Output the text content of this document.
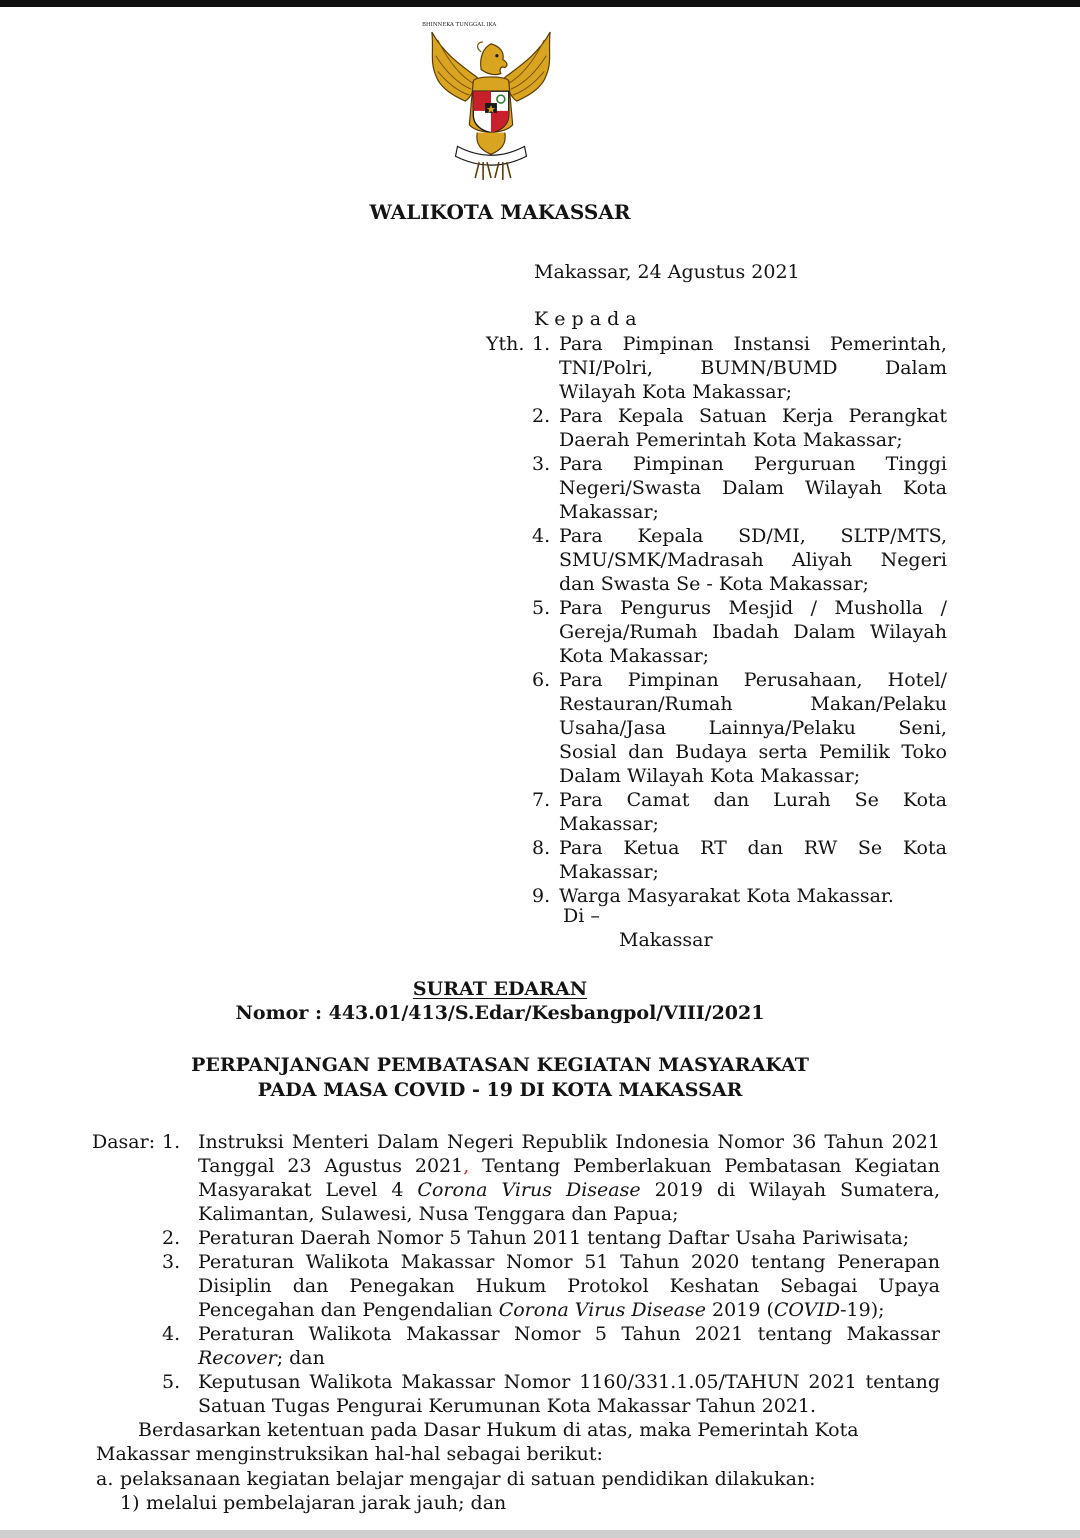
BHINNEKA TUNGGAL IKA
WALIKOTA MAKASSAR
Makassar, 24 Agustus 2021
K e p a d a
Yth. 1. Para Pimpinan Instansi Pemerintah,
TNI/Polri, BUMN/BUMD Dalam
Wilayah Kota Makassar;
2. Para Kepala Satuan Kerja Perangkat
Daerah Pemerintah Kota Makassar;
3. Para Pimpinan Perguruan Tinggi
Negeri/Swasta Dalam Wilayah Kota
Makassar;
4. Para Kepala SD/MI, SLTP/MTS,
SMU/SMK/Madrasah Aliyah Negeri
dan Swasta Se - Kota Makassar;
5. Para Pengurus Mesjid / Musholla /
Gereja/Rumah Ibadah Dalam Wilayah
Kota Makassar;
6. Para Pimpinan Perusahaan, Hotel/
Restauran/Rumah	Makan/Pelaku
Usaha/Jasa Lainnya/Pelaku Seni,
Sosial dan Budaya serta Pemilik Toko
Dalam Wilayah Kota Makassar;
7. Para Camat dan Lurah Se Kota
Makassar;
8. Para Ketua RT dan RW Se Kota
Makassar;
9. Warga Masyarakat Kota Makassar.
Di –
Makassar
SURAT EDARAN
Nomor : 443.01/413/S.Edar/Kesbangpol/VIII/2021
PERPANJANGAN PEMBATASAN KEGIATAN MASYARAKAT
PADA MASA COVID - 19 DI KOTA MAKASSAR
Dasar: 1. Instruksi Menteri Dalam Negeri Republik Indonesia Nomor 36 Tahun 2021
Tanggal 23 Agustus 2021, Tentang Pemberlakuan Pembatasan Kegiatan
Masyarakat Level 4 Corona Virus Disease 2019 di Wilayah Sumatera,
Kalimantan, Sulawesi, Nusa Tenggara dan Papua;
2. Peraturan Daerah Nomor 5 Tahun 2011 tentang Daftar Usaha Pariwisata;
3. Peraturan Walikota Makassar Nomor 51 Tahun 2020 tentang Penerapan
Disiplin dan Penegakan Hukum Protokol Keshatan Sebagai Upaya
Pencegahan dan Pengendalian Corona Virus Disease 2019 (COVID-19);
4. Peraturan Walikota Makassar Nomor 5 Tahun 2021 tentang Makassar
Recover; dan
5. Keputusan Walikota Makassar Nomor 1160/331.1.05/TAHUN 2021 tentang
Satuan Tugas Pengurai Kerumunan Kota Makassar Tahun 2021.
Berdasarkan ketentuan pada Dasar Hukum di atas, maka Pemerintah Kota
Makassar menginstruksikan hal-hal sebagai berikut:
a. pelaksanaan kegiatan belajar mengajar di satuan pendidikan dilakukan:
1) melalui pembelajaran jarak jauh; dan
